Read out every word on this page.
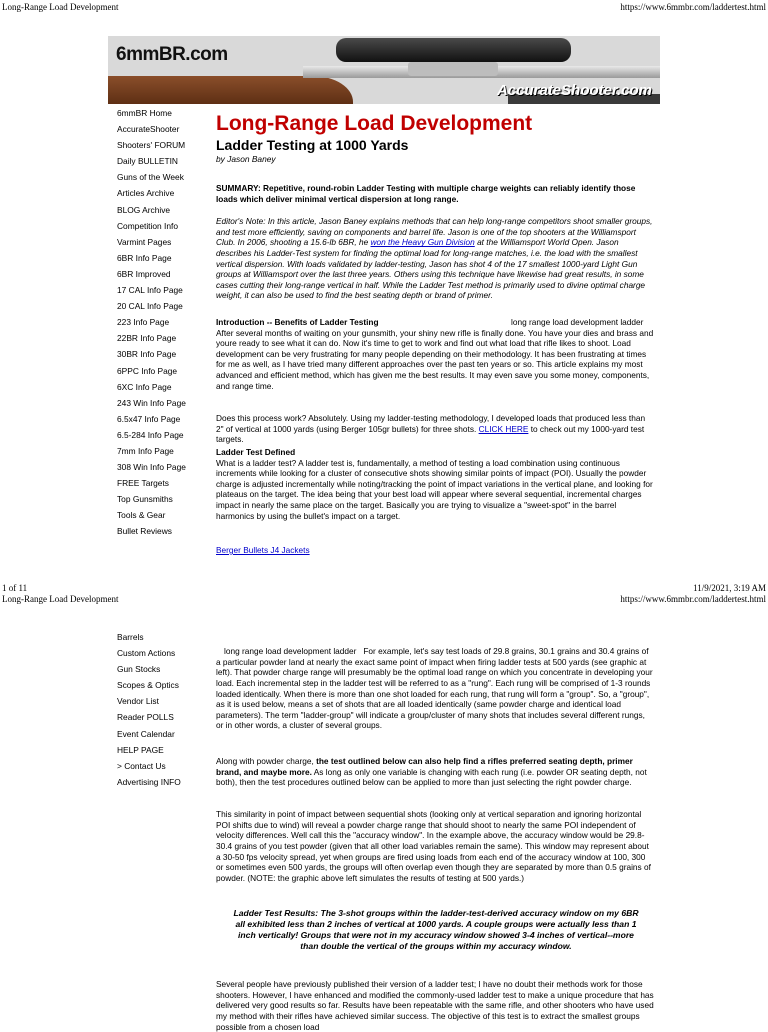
Long-Range Load Development	https://www.6mmbr.com/laddertest.html
6mmBR.com
AccurateShooter.com
6mmBR Home
AccurateShooter
Shooters' FORUM
Daily BULLETIN
Guns of the Week
Articles Archive
BLOG Archive
Competition Info
Varmint Pages
6BR Info Page
6BR Improved
17 CAL Info Page
20 CAL Info Page
223 Info Page
22BR Info Page
30BR Info Page
6PPC Info Page
6XC Info Page
243 Win Info Page
6.5x47 Info Page
6.5-284 Info Page
7mm Info Page
308 Win Info Page
FREE Targets
Top Gunsmiths
Tools & Gear
Bullet Reviews
Long-Range Load Development
Ladder Testing at 1000 Yards
by Jason Baney

SUMMARY: Repetitive, round-robin Ladder Testing with multiple charge weights can reliably identify those loads which deliver minimal vertical dispersion at long range.

Editor's Note: In this article, Jason Baney explains methods that can help long-range competitors shoot smaller groups, and test more efficiently, saving on components and barrel life. Jason is one of the top shooters at the Williamsport Club. In 2006, shooting a 15.6-lb 6BR, he won the Heavy Gun Division at the Williamsport World Open. Jason describes his Ladder-Test system for finding the optimal load for long-range matches, i.e. the load with the smallest vertical dispersion. With loads validated by ladder-testing, Jason has shot 4 of the 17 smallest 1000-yard Light Gun groups at Williamsport over the last three years. Others using this technique have likewise had great results, in some cases cutting their long-range vertical in half. While the Ladder Test method is primarily used to divine optimal charge weight, it can also be used to find the best seating depth or brand of primer.

Introduction -- Benefits of Ladder Testing	long range load development ladder

After several months of waiting on your gunsmith, your shiny new rifle is finally done. You have your dies and brass and youre ready to see what it can do. Now it's time to get to work and find out what load that rifle likes to shoot. Load development can be very frustrating for many people depending on their methodology. It has been frustrating at times for me as well, as I have tried many different approaches over the past ten years or so. This article explains my most advanced and efficient method, which has given me the best results. It may even save you some money, components, and range time.

Does this process work? Absolutely. Using my ladder-testing methodology, I developed loads that produced less than 2" of vertical at 1000 yards (using Berger 105gr bullets) for three shots. CLICK HERE to check out my 1000-yard test targets.

Ladder Test Defined

What is a ladder test? A ladder test is, fundamentally, a method of testing a load combination using continuous increments while looking for a cluster of consecutive shots showing similar points of impact (POI). Usually the powder charge is adjusted incrementally while noting/tracking the point of impact variations in the vertical plane, and looking for plateaus on the target. The idea being that your best load will appear where several sequential, incremental charges impact in nearly the same place on the target. Basically you are trying to visualize a "sweet-spot" in the barrel harmonics by using the bullet's impact on a target.

Berger Bullets J4 Jackets
1 of 11	11/9/2021, 3:19 AM
Long-Range Load Development	https://www.6mmbr.com/laddertest.html
Barrels
Custom Actions
Gun Stocks
Scopes & Optics
Vendor List
Reader POLLS
Event Calendar
HELP PAGE
> Contact Us
Advertising INFO

long range load development ladder For example, let's say test loads of 29.8 grains, 30.1 grains and 30.4 grains of a particular powder land at nearly the exact same point of impact when firing ladder tests at 500 yards (see graphic at left). That powder charge range will presumably be the optimal load range on which you concentrate in developing your load. Each incremental step in the ladder test will be referred to as a "rung". Each rung will be comprised of 1-3 rounds loaded identically. When there is more than one shot loaded for each rung, that rung will form a "group". So, a "group", as it is used below, means a set of shots that are all loaded identically (same powder charge and identical load parameters). The term "ladder-group" will indicate a group/cluster of many shots that includes several different rungs, or in other words, a cluster of several groups.

Along with powder charge, the test outlined below can also help find a rifles preferred seating depth, primer brand, and maybe more. As long as only one variable is changing with each rung (i.e. powder OR seating depth, not both), then the test procedures outlined below can be applied to more than just selecting the right powder charge.

This similarity in point of impact between sequential shots (looking only at vertical separation and ignoring horizontal POI shifts due to wind) will reveal a powder charge range that should shoot to nearly the same POI independent of velocity differences. Well call this the "accuracy window". In the example above, the accuracy window would be 29.8-30.4 grains of you test powder (given that all other load variables remain the same). This window may represent about a 30-50 fps velocity spread, yet when groups are fired using loads from each end of the accuracy window at 100, 300 or sometimes even 500 yards, the groups will often overlap even though they are separated by more than 0.5 grains of powder. (NOTE: the graphic above left simulates the results of testing at 500 yards.)

Ladder Test Results: The 3-shot groups within the ladder-test-derived accuracy window on my 6BR all exhibited less than 2 inches of vertical at 1000 yards. A couple groups were actually less than 1 inch vertically! Groups that were not in my accuracy window showed 3-4 inches of vertical--more than double the vertical of the groups within my accuracy window.

Several people have previously published their version of a ladder test; I have no doubt their methods work for those shooters. However, I have enhanced and modified the commonly-used ladder test to make a unique procedure that has delivered very good results so far. Results have been repeatable with the same rifle, and other shooters who have used my method with their rifles have achieved similar success. The objective of this test is to extract the smallest groups possible from a chosen load
